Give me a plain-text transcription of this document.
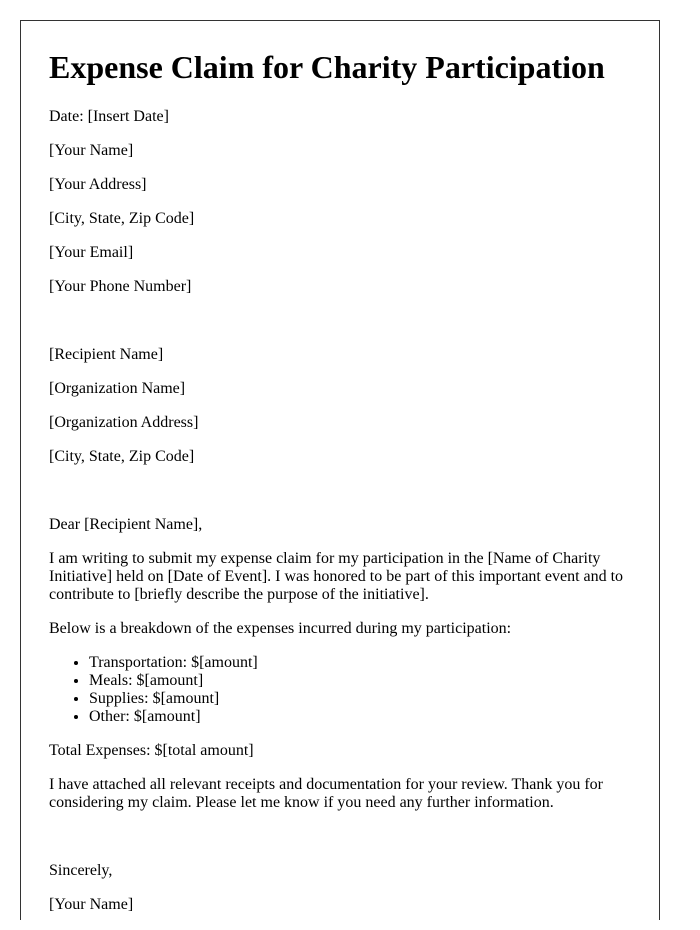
Expense Claim for Charity Participation
Date: [Insert Date]
[Your Name]
[Your Address]
[City, State, Zip Code]
[Your Email]
[Your Phone Number]
[Recipient Name]
[Organization Name]
[Organization Address]
[City, State, Zip Code]
Dear [Recipient Name],

I am writing to submit my expense claim for my participation in the [Name of Charity Initiative] held on [Date of Event]. I was honored to be part of this important event and to contribute to [briefly describe the purpose of the initiative].

Below is a breakdown of the expenses incurred during my participation:

• Transportation: $[amount]
• Meals: $[amount]
• Supplies: $[amount]
• Other: $[amount]
Total Expenses: $[total amount]

I have attached all relevant receipts and documentation for your review. Thank you for considering my claim. Please let me know if you need any further information.

Sincerely,
[Your Name]
